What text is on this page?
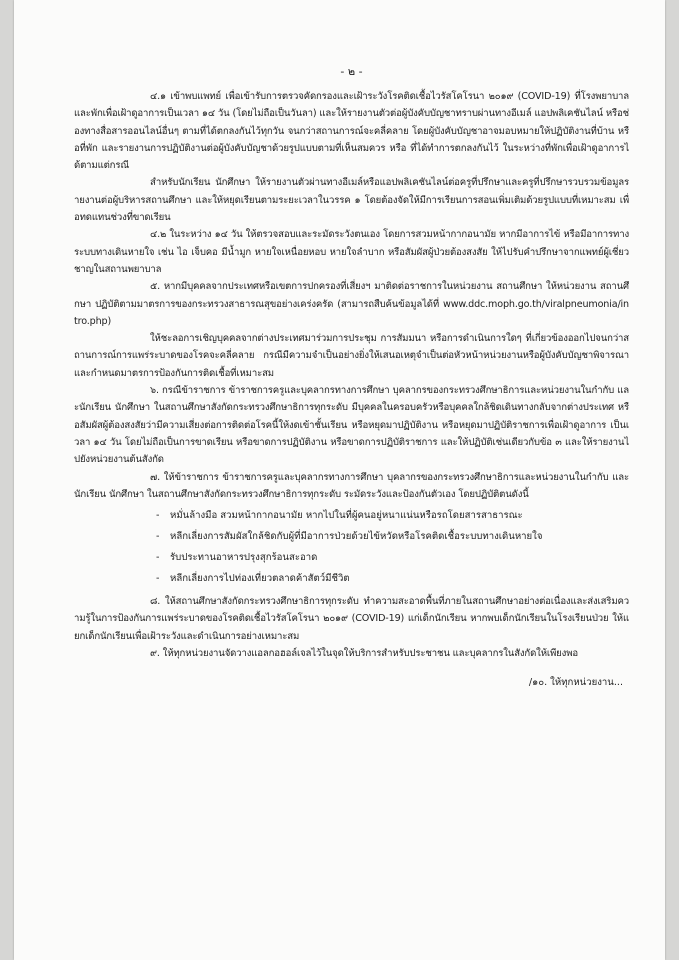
- ๒ -

๔.๑ เข้าพบแพทย์ เพื่อเข้ารับการตรวจคัดกรองและเฝ้าระวังโรคติดเชื้อไวรัสโคโรนา ๒๐๑๙ (COVID-19) ที่โรงพยาบาล และพักเพื่อเฝ้าดูอาการเป็นเวลา ๑๔ วัน (โดยไม่ถือเป็นวันลา) และให้รายงานตัวต่อผู้บังคับบัญชาทราบผ่านทางอีเมล์ แอปพลิเคชันไลน์ หรือช่องทางสื่อสารออนไลน์อื่นๆ ตามที่ได้ตกลงกันไว้ทุกวัน จนกว่าสถานการณ์จะคลี่คลาย โดยผู้บังคับบัญชาอาจมอบหมายให้ปฏิบัติงานที่บ้าน หรือที่พัก และรายงานการปฏิบัติงานต่อผู้บังคับบัญชาด้วยรูปแบบตามที่เห็นสมควร หรือ ที่ได้ทำการตกลงกันไว้ ในระหว่างที่พักเพื่อเฝ้าดูอาการได้ตามแต่กรณี

สำหรับนักเรียน นักศึกษา ให้รายงานตัวผ่านทางอีเมล์หรือแอปพลิเคชันไลน์ต่อครูที่ปรึกษาและครูที่ปรึกษารวบรวมข้อมูลรายงานต่อผู้บริหารสถานศึกษา และให้หยุดเรียนตามระยะเวลาในวรรค ๑ โดยต้องจัดให้มีการเรียนการสอนเพิ่มเติมด้วยรูปแบบที่เหมาะสม เพื่อทดแทนช่วงที่ขาดเรียน

๔.๒ ในระหว่าง ๑๔ วัน ให้ตรวจสอบและระมัดระวังตนเอง โดยการสวมหน้ากากอนามัย หากมีอาการไข้ หรือมีอาการทางระบบทางเดินหายใจ เช่น ไอ เจ็บคอ มีน้ำมูก หายใจเหนื่อยหอบ หายใจลำบาก หรือสัมผัสผู้ป่วยต้องสงสัย ให้ไปรับคำปรึกษาจากแพทย์ผู้เชี่ยวชาญในสถานพยาบาล

๕. หากมีบุคคลจากประเทศหรือเขตการปกครองที่เสี่ยงฯ มาติดต่อราชการในหน่วยงาน สถานศึกษา ให้หน่วยงาน สถานศึกษา ปฏิบัติตามมาตรการของกระทรวงสาธารณสุขอย่างเคร่งครัด (สามารถสืบค้นข้อมูลได้ที่ www.ddc.moph.go.th/viralpneumonia/intro.php)

ให้ชะลอการเชิญบุคคลจากต่างประเทศมาร่วมการประชุม การสัมมนา หรือการดำเนินการใดๆ ที่เกี่ยวข้องออกไปจนกว่าสถานการณ์การแพร่ระบาดของโรคจะคลี่คลาย กรณีมีความจำเป็นอย่างยิ่งให้เสนอเหตุจำเป็นต่อหัวหน้าหน่วยงานหรือผู้บังคับบัญชาพิจารณา และกำหนดมาตรการป้องกันการติดเชื้อที่เหมาะสม

๖. กรณีข้าราชการ ข้าราชการครูและบุคลากรทางการศึกษา บุคลากรของกระทรวงศึกษาธิการและหน่วยงานในกำกับ และนักเรียน นักศึกษา ในสถานศึกษาสังกัดกระทรวงศึกษาธิการทุกระดับ มีบุคคลในครอบครัวหรือบุคคลใกล้ชิดเดินทางกลับจากต่างประเทศ หรือสัมผัสผู้ต้องสงสัยว่ามีความเสี่ยงต่อการติดต่อโรคนี้ให้งดเข้าชั้นเรียน หรือหยุดมาปฏิบัติงาน หรือหยุดมาปฏิบัติราชการเพื่อเฝ้าดูอาการ เป็นเวลา ๑๔ วัน โดยไม่ถือเป็นการขาดเรียน หรือขาดการปฏิบัติงาน หรือขาดการปฏิบัติราชการ และให้ปฏิบัติเช่นเดียวกับข้อ ๓ และให้รายงานไปยังหน่วยงานต้นสังกัด

๗. ให้ข้าราชการ ข้าราชการครูและบุคลากรทางการศึกษา บุคลากรของกระทรวงศึกษาธิการและหน่วยงานในกำกับ และนักเรียน นักศึกษา ในสถานศึกษาสังกัดกระทรวงศึกษาธิการทุกระดับ ระมัดระวังและป้องกันตัวเอง โดยปฏิบัติตนดังนี้

- หมั่นล้างมือ สวมหน้ากากอนามัย หากไปในที่ผู้คนอยู่หนาแน่นหรือรถโดยสารสาธารณะ
- หลีกเลี่ยงการสัมผัสใกล้ชิดกับผู้ที่มีอาการป่วยด้วยไข้หวัดหรือโรคติดเชื้อระบบทางเดินหายใจ
- รับประทานอาหารปรุงสุกร้อนสะอาด
- หลีกเลี่ยงการไปท่องเที่ยวตลาดค้าสัตว์มีชีวิต

๘. ให้สถานศึกษาสังกัดกระทรวงศึกษาธิการทุกระดับ ทำความสะอาดพื้นที่ภายในสถานศึกษาอย่างต่อเนื่องและส่งเสริมความรู้ในการป้องกันการแพร่ระบาดของโรคติดเชื้อไวรัสโคโรนา ๒๐๑๙ (COVID-19) แก่เด็กนักเรียน หากพบเด็กนักเรียนในโรงเรียนป่วย ให้แยกเด็กนักเรียนเพื่อเฝ้าระวังและดำเนินการอย่างเหมาะสม

๙. ให้ทุกหน่วยงานจัดวางแอลกอฮอล์เจลไว้ในจุดให้บริการสำหรับประชาชน และบุคลากรในสังกัดให้เพียงพอ

/๑๐. ให้ทุกหน่วยงาน...
